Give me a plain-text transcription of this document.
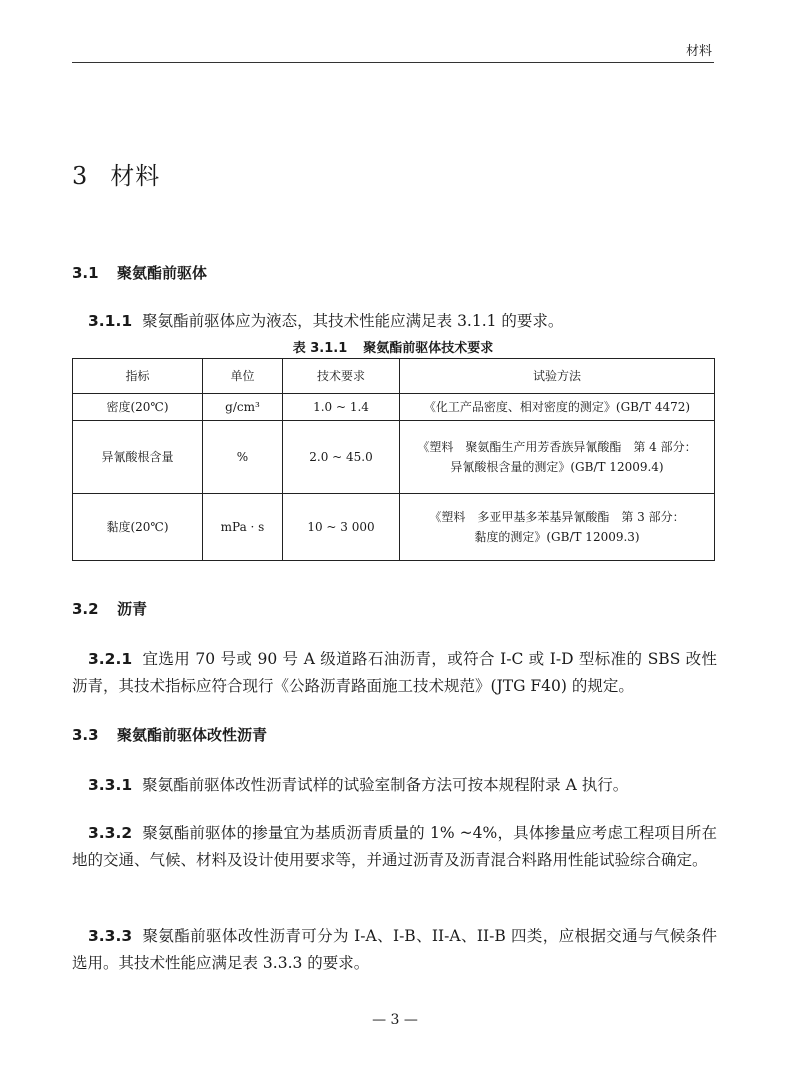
材料
3 材料
3.1 聚氨酯前驱体

3.1.1 聚氨酯前驱体应为液态，其技术性能应满足表 3.1.1 的要求。

表 3.1.1 聚氨酯前驱体技术要求
指标	单位	技术要求	试验方法
密度(20℃)	g/cm³	1.0 ~ 1.4	《化工产品密度、相对密度的测定》(GB/T 4472)
异氰酸根含量	%	2.0 ~ 45.0	《塑料　聚氨酯生产用芳香族异氰酸酯　第 4 部分：
异氰酸根含量的测定》(GB/T 12009.4)
黏度(20℃)	mPa · s	10 ~ 3 000	《塑料　多亚甲基多苯基异氰酸酯　第 3 部分：
黏度的测定》(GB/T 12009.3)
3.2 沥青

3.2.1 宜选用 70 号或 90 号 A 级道路石油沥青，或符合 I-C 或 I-D 型标准的 SBS 改性沥青，其技术指标应符合现行《公路沥青路面施工技术规范》(JTG F40) 的规定。

3.3 聚氨酯前驱体改性沥青

3.3.1 聚氨酯前驱体改性沥青试样的试验室制备方法可按本规程附录 A 执行。

3.3.2 聚氨酯前驱体的掺量宜为基质沥青质量的 1% ~4%，具体掺量应考虑工程项目所在地的交通、气候、材料及设计使用要求等，并通过沥青及沥青混合料路用性能试验综合确定。

3.3.3 聚氨酯前驱体改性沥青可分为 I-A、I-B、II-A、II-B 四类，应根据交通与气候条件选用。其技术性能应满足表 3.3.3 的要求。

— 3 —
